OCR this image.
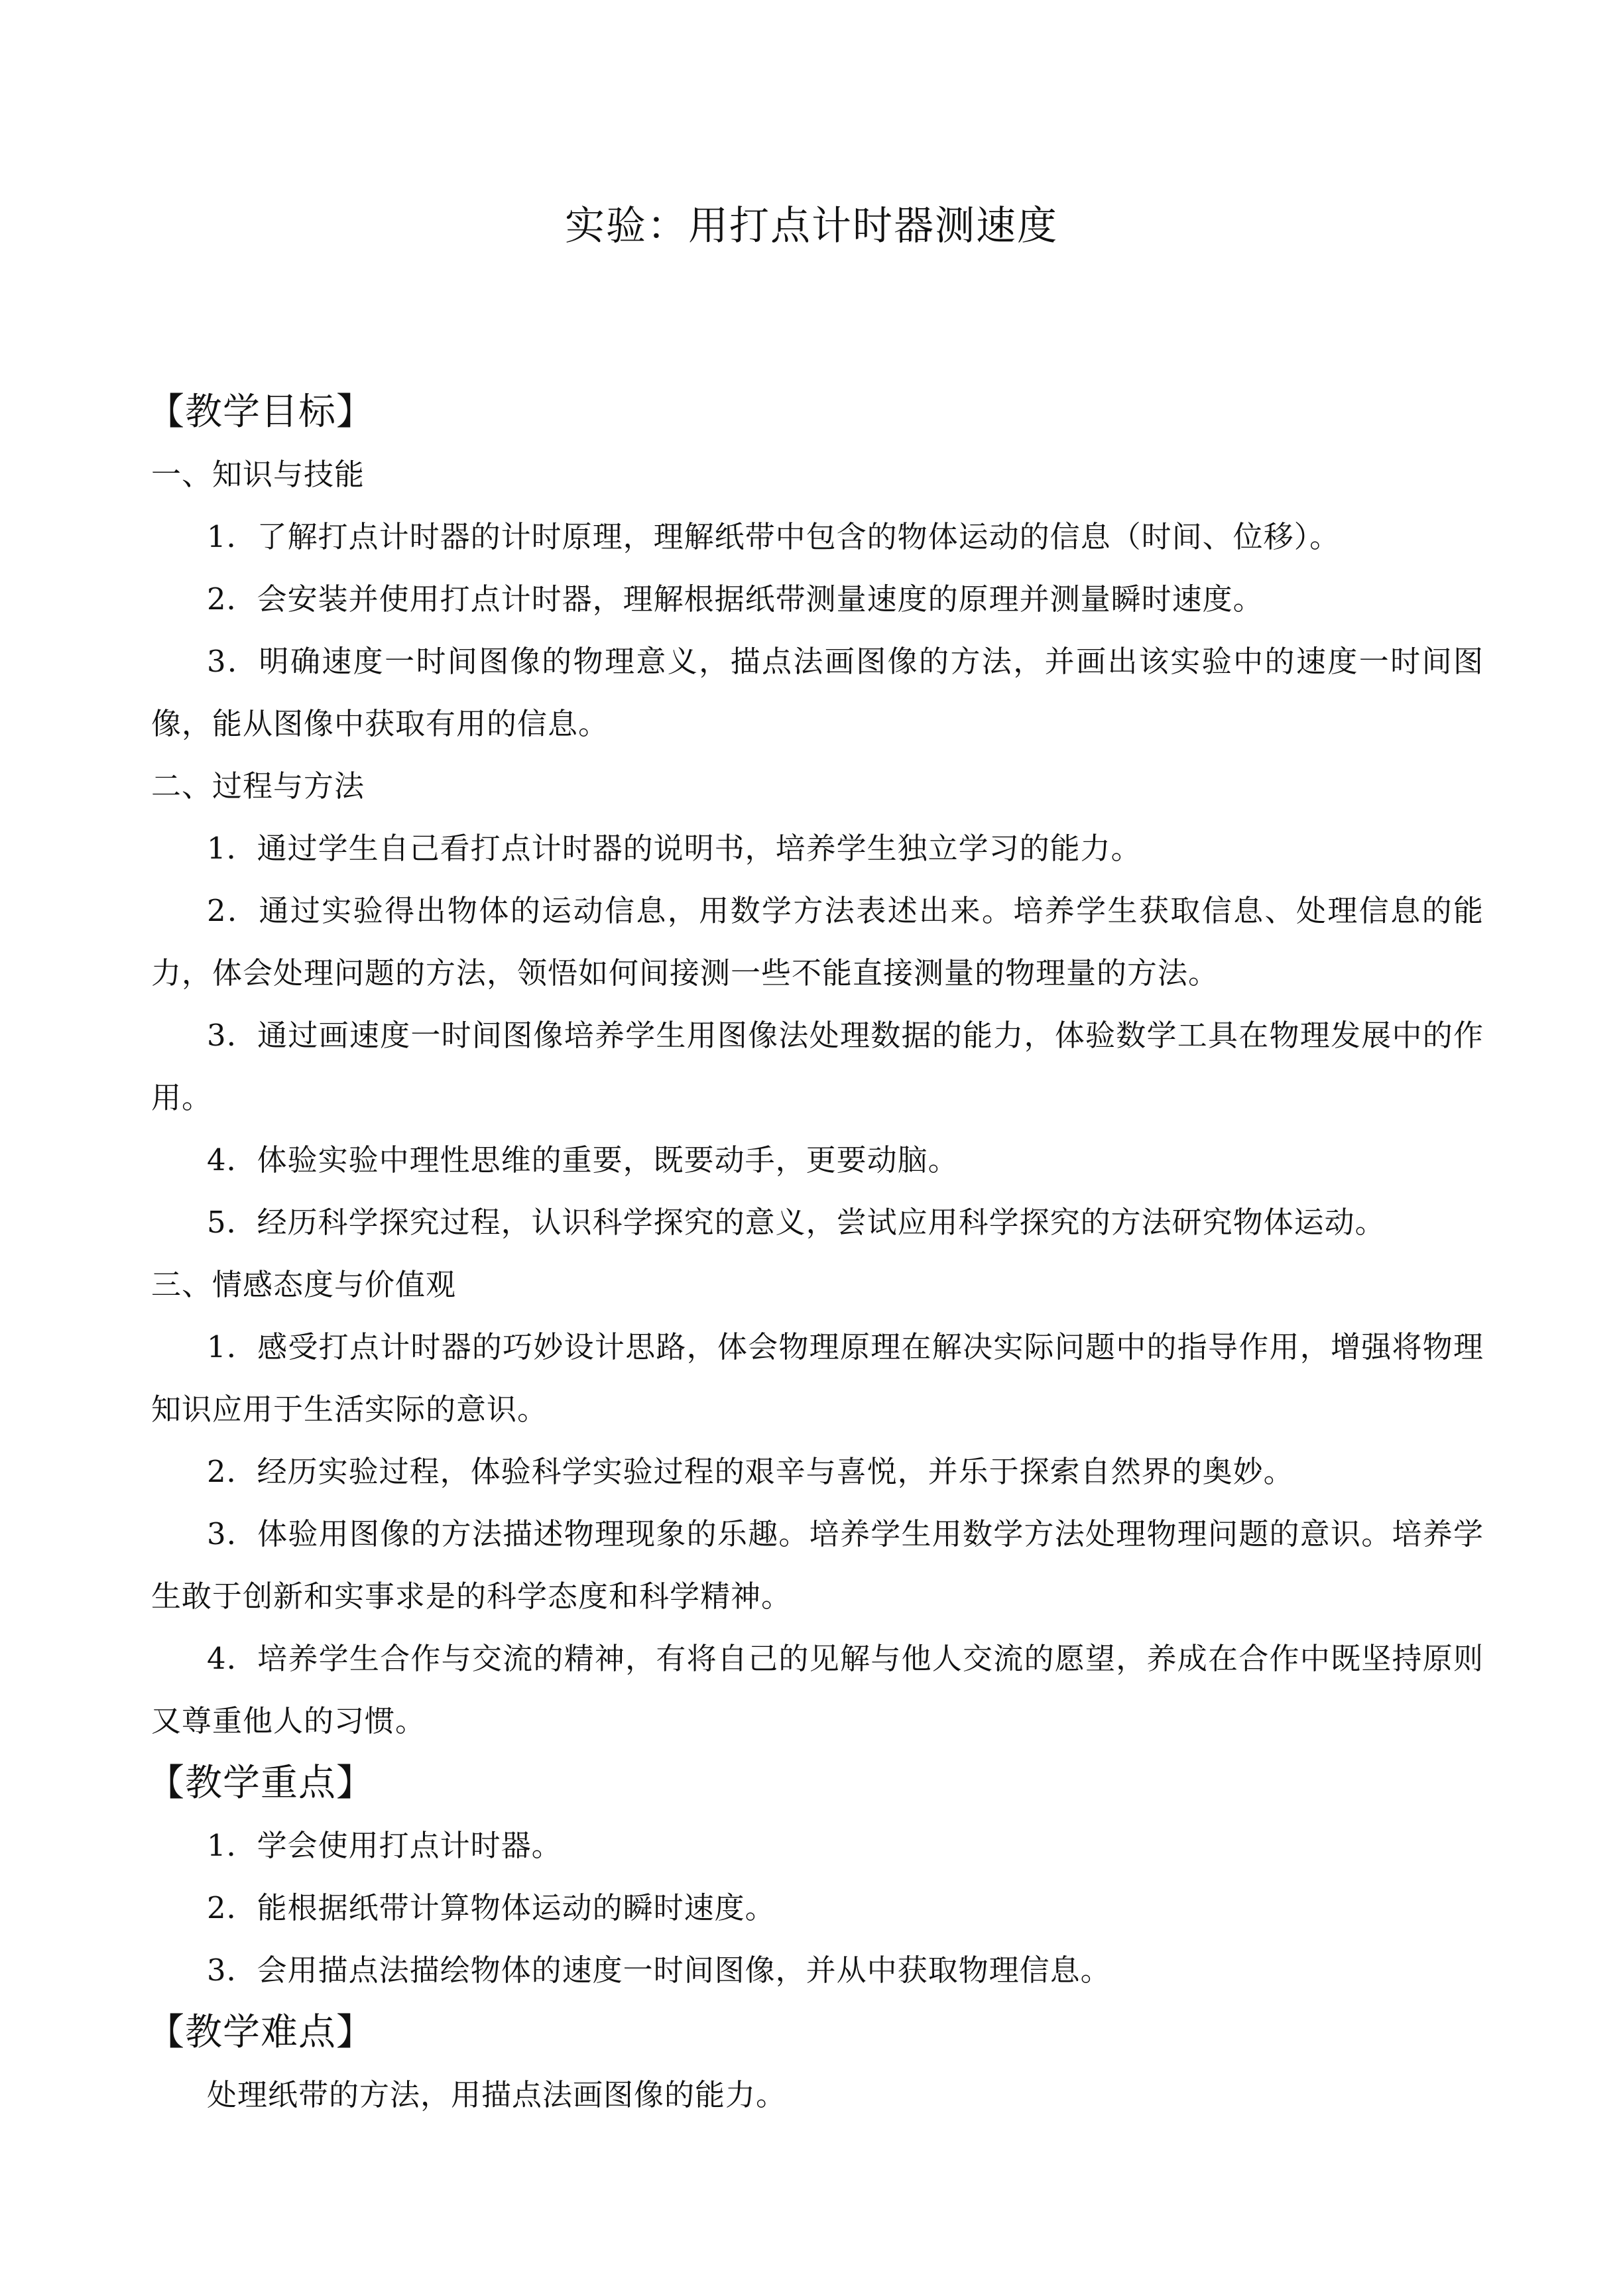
实验：用打点计时器测速度
【教学目标】
一、知识与技能
1．了解打点计时器的计时原理，理解纸带中包含的物体运动的信息（时间、位移）。
2．会安装并使用打点计时器，理解根据纸带测量速度的原理并测量瞬时速度。
3．明确速度一时间图像的物理意义，描点法画图像的方法，并画出该实验中的速度一时间图像，能从图像中获取有用的信息。
二、过程与方法
1．通过学生自己看打点计时器的说明书，培养学生独立学习的能力。
2．通过实验得出物体的运动信息，用数学方法表述出来。培养学生获取信息、处理信息的能力，体会处理问题的方法，领悟如何间接测一些不能直接测量的物理量的方法。
3．通过画速度一时间图像培养学生用图像法处理数据的能力，体验数学工具在物理发展中的作用。
4．体验实验中理性思维的重要，既要动手，更要动脑。
5．经历科学探究过程，认识科学探究的意义，尝试应用科学探究的方法研究物体运动。
三、情感态度与价值观
1．感受打点计时器的巧妙设计思路，体会物理原理在解决实际问题中的指导作用，增强将物理知识应用于生活实际的意识。
2．经历实验过程，体验科学实验过程的艰辛与喜悦，并乐于探索自然界的奥妙。
3．体验用图像的方法描述物理现象的乐趣。培养学生用数学方法处理物理问题的意识。培养学生敢于创新和实事求是的科学态度和科学精神。
4．培养学生合作与交流的精神，有将自己的见解与他人交流的愿望，养成在合作中既坚持原则又尊重他人的习惯。
【教学重点】
1．学会使用打点计时器。
2．能根据纸带计算物体运动的瞬时速度。
3．会用描点法描绘物体的速度一时间图像，并从中获取物理信息。
【教学难点】
处理纸带的方法，用描点法画图像的能力。
